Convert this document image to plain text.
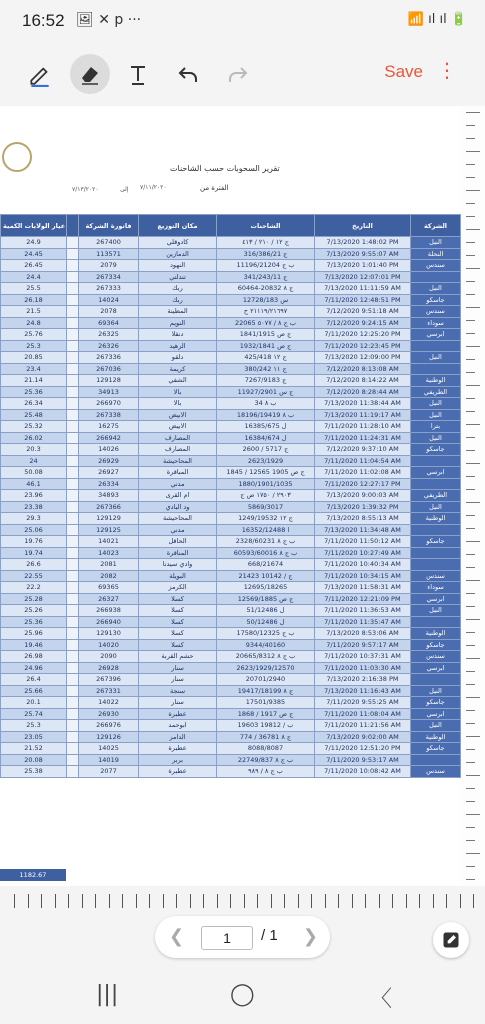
16:52 🖼 ✕ p ···	📶 ıl ıl 🔋
Save ⋮
تقرير السحوبات حسب الشاحنات
الفترة من
٧/١١/٢٠٢٠
إلى
٧/١٣/٢٠٢٠
عيار الولايات الكمية		فاتورة الشركة	مكان التوزيع	الشاحنات	التاريخ	الشركة
24.9		267400	كادوقلي	ج ١٢ / ٢١٠ / ٤١٣	7/13/2020 1:48:02 PM	النيل
24.45		113571	الدمازين	316/386/21 ج	7/13/2020 9:55:07 AM	النحلة
26.45		2079	النهود	ب ج 11196/21204	7/13/2020 1:01:40 PM	سندس
24.4		267334	تندلتي	341/243/11 ج	7/13/2020 12:07:01 PM	
25.5		267333	ربك	60464-20832 ج ٨	7/13/2020 11:11:59 AM	النيل
26.18		14024	ربك	12728/183 س	7/11/2020 12:48:51 PM	جاسكو
21.5		2078	المطينة	٢١١١٩/٢١٦٩٧ ح	7/12/2020 9:51:18 AM	سندس
24.8		69364	النويم	ب ج ٨ / ٥٠٧٧ 22065	7/12/2020 9:24:15 AM	سوداء
25.76		26325	دنقلا	1841/1915 ج ص	7/11/2020 12:25:20 PM	ابرسي
25.3		26326	الرهيد	1932/1841 ج ص	7/11/2020 12:23:45 PM	
20.85		267336	دلقو	425/418 ج ١٢	7/13/2020 12:09:00 PM	النيل
23.4		267036	كريمة	380/242 ج ١١	7/12/2020 8:13:08 AM	
21.14		129128	الشفي	7267/9183 ج	7/12/2020 8:14:22 AM	الوطنية
25.36		34913	بالا	11927/2901 ج س	7/12/2020 8:28:44 AM	الطريفي
26.34		266970	بالا	34 ب ٨	7/13/2020 11:38:44 AM	النيل
25.48		267338	الابيض	18196/19419 ب ٨	7/13/2020 11:19:17 AM	النيل
25.32		16275	الابيض	16385/675 ل	7/11/2020 11:28:10 AM	بترا
26.02		266942	المصارف	16384/674 ل	7/11/2020 11:24:31 AM	النيل
20.3		14026	المصارف	2600 / 5717 ج	7/12/2020 9:37:10 AM	جاسكو
24		26929	المحاحيشة	2623/1929	7/11/2020 11:04:54 AM	
50.08		26927	المباقرة	1845 / 12565 ج ص 1905	7/11/2020 11:02:08 AM	ابرسي
46.1		26334	مدني	1880/1901/1035	7/11/2020 12:27:17 PM	
23.96		34893	ام القرى	٢٩٠٣ / ١٧٥٠ ص ج	7/13/2020 9:00:03 AM	الطريفي
23.38		267366	ود البادي	5869/3017	7/13/2020 1:39:32 PM	النيل
29.3		129129	المحاحيشة	1249/19532 ج ١٢	7/13/2020 8:55:13 AM	الوطنية
25.06		129125	مدني	16352/12488 ا	7/13/2020 11:34:48 AM	
19.76		14021	الحاقل	2328/60231 ب ج ٨	7/11/2020 11:50:12 AM	جاسكو
19.74		14023	المناقرة	60593/60016 ب ج ٨	7/11/2020 10:27:49 AM	
26.6		2081	وادي سيدنا	668/21674	7/11/2020 10:40:34 AM	
22.55		2082	البويلة	21423 ج / 10142	7/11/2020 10:34:15 AM	سندس
22.2		69365	الكرمز	12695/18265	7/13/2020 11:58:31 AM	سوداء
25.28		26327	كسلا	12569/1885 ج ص	7/11/2020 12:21:09 PM	ابرسي
25.26		266938	كسلا	51/12486 ل	7/11/2020 11:36:53 AM	النيل
25.36		266940	كسلا	50/12486 ل	7/11/2020 11:35:47 AM	
25.96		129130	كسلا	17580/12325 ب ج	7/13/2020 8:53:06 AM	الوطنية
19.46		14020	كسلا	9344/40160	7/11/2020 9:57:17 AM	جاسكو
26.98		2090	حشم القربة	20665/8312 ب ج ٨	7/11/2020 10:37:31 AM	سندس
24.96		26928	سنار	2623/1929/12570	7/11/2020 11:03:30 AM	ابرسي
26.4		267396	سنار	20701/2940	7/13/2020 2:16:38 PM	
25.66		267331	سنجة	19417/18199 ج ٨	7/13/2020 11:16:43 AM	النيل
20.1		14022	سنار	17501/9385	7/11/2020 9:55:25 AM	جاسكو
25.74		26930	عطبرة	1868 / 1917 ج ص	7/11/2020 11:08:04 AM	ابرسي
25.3		266976	ابوحمد	19603 ب / 19812	7/11/2020 11:21:56 AM	النيل
23.05		129126	الدامر	774 / 36781 ج ٨	7/13/2020 9:02:00 AM	الوطنية
21.52		14025	عطبرة	8088/8087	7/11/2020 12:51:20 PM	جاسكو
20.08		14019	بربر	22749/837 ب ج ٨	7/11/2020 9:53:17 AM	
25.38		2077	عطبرة	ب ج ٨ / ٩٨٩	7/11/2020 10:08:42 AM	سندس
1182.67
❮	1	/ 1 ❯
|||	◯	〈
